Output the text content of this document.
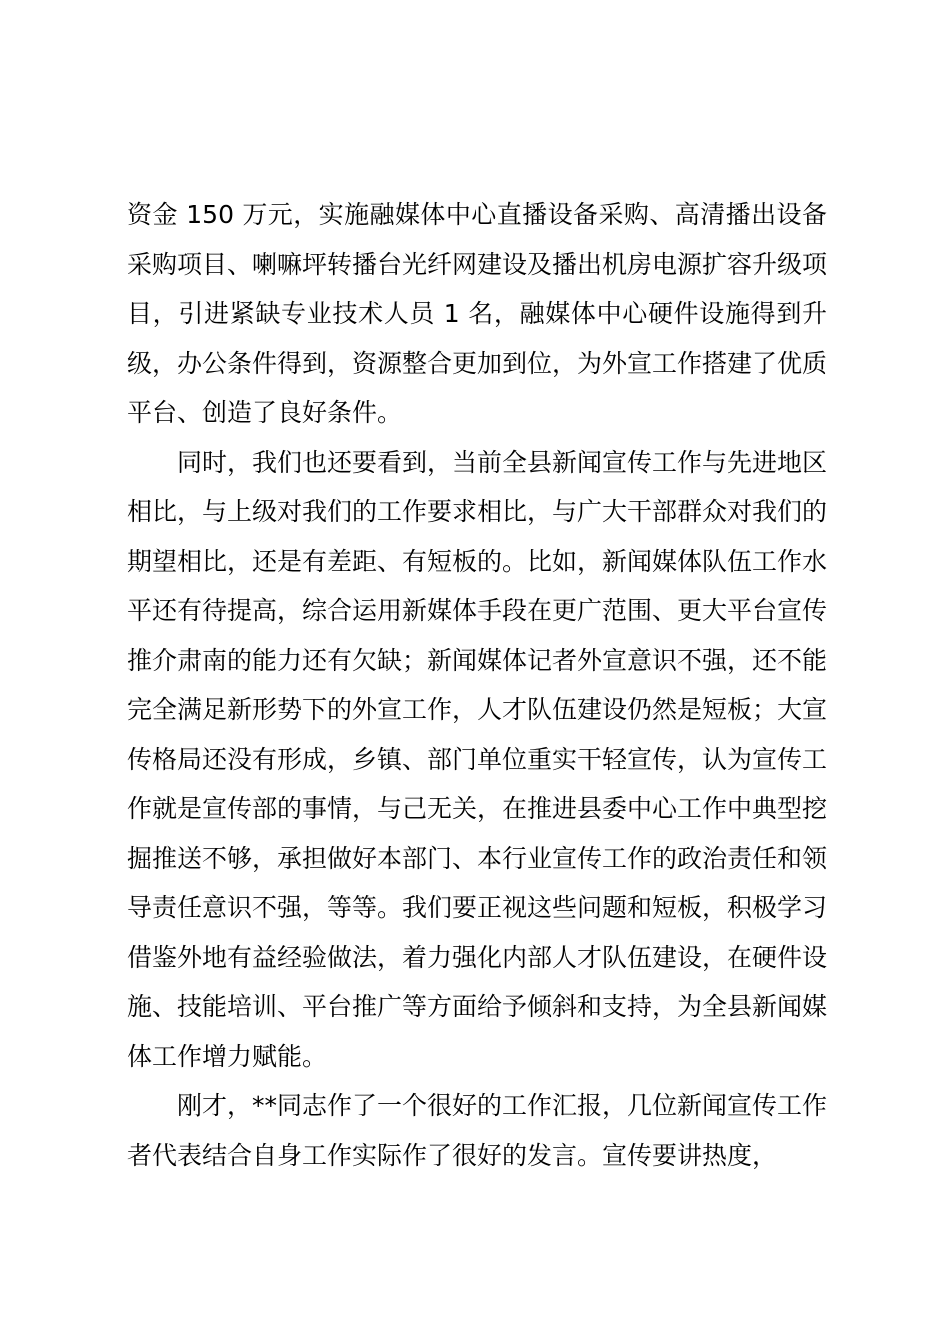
资金 150 万元，实施融媒体中心直播设备采购、高清播出设备采购项目、喇嘛坪转播台光纤网建设及播出机房电源扩容升级项目，引进紧缺专业技术人员 1 名，融媒体中心硬件设施得到升级，办公条件得到，资源整合更加到位，为外宣工作搭建了优质平台、创造了良好条件。

同时，我们也还要看到，当前全县新闻宣传工作与先进地区相比，与上级对我们的工作要求相比，与广大干部群众对我们的期望相比，还是有差距、有短板的。比如，新闻媒体队伍工作水平还有待提高，综合运用新媒体手段在更广范围、更大平台宣传推介肃南的能力还有欠缺；新闻媒体记者外宣意识不强，还不能完全满足新形势下的外宣工作，人才队伍建设仍然是短板；大宣传格局还没有形成，乡镇、部门单位重实干轻宣传，认为宣传工作就是宣传部的事情，与己无关，在推进县委中心工作中典型挖掘推送不够，承担做好本部门、本行业宣传工作的政治责任和领导责任意识不强，等等。我们要正视这些问题和短板，积极学习借鉴外地有益经验做法，着力强化内部人才队伍建设，在硬件设施、技能培训、平台推广等方面给予倾斜和支持，为全县新闻媒体工作增力赋能。

刚才，**同志作了一个很好的工作汇报，几位新闻宣传工作者代表结合自身工作实际作了很好的发言。宣传要讲热度，
